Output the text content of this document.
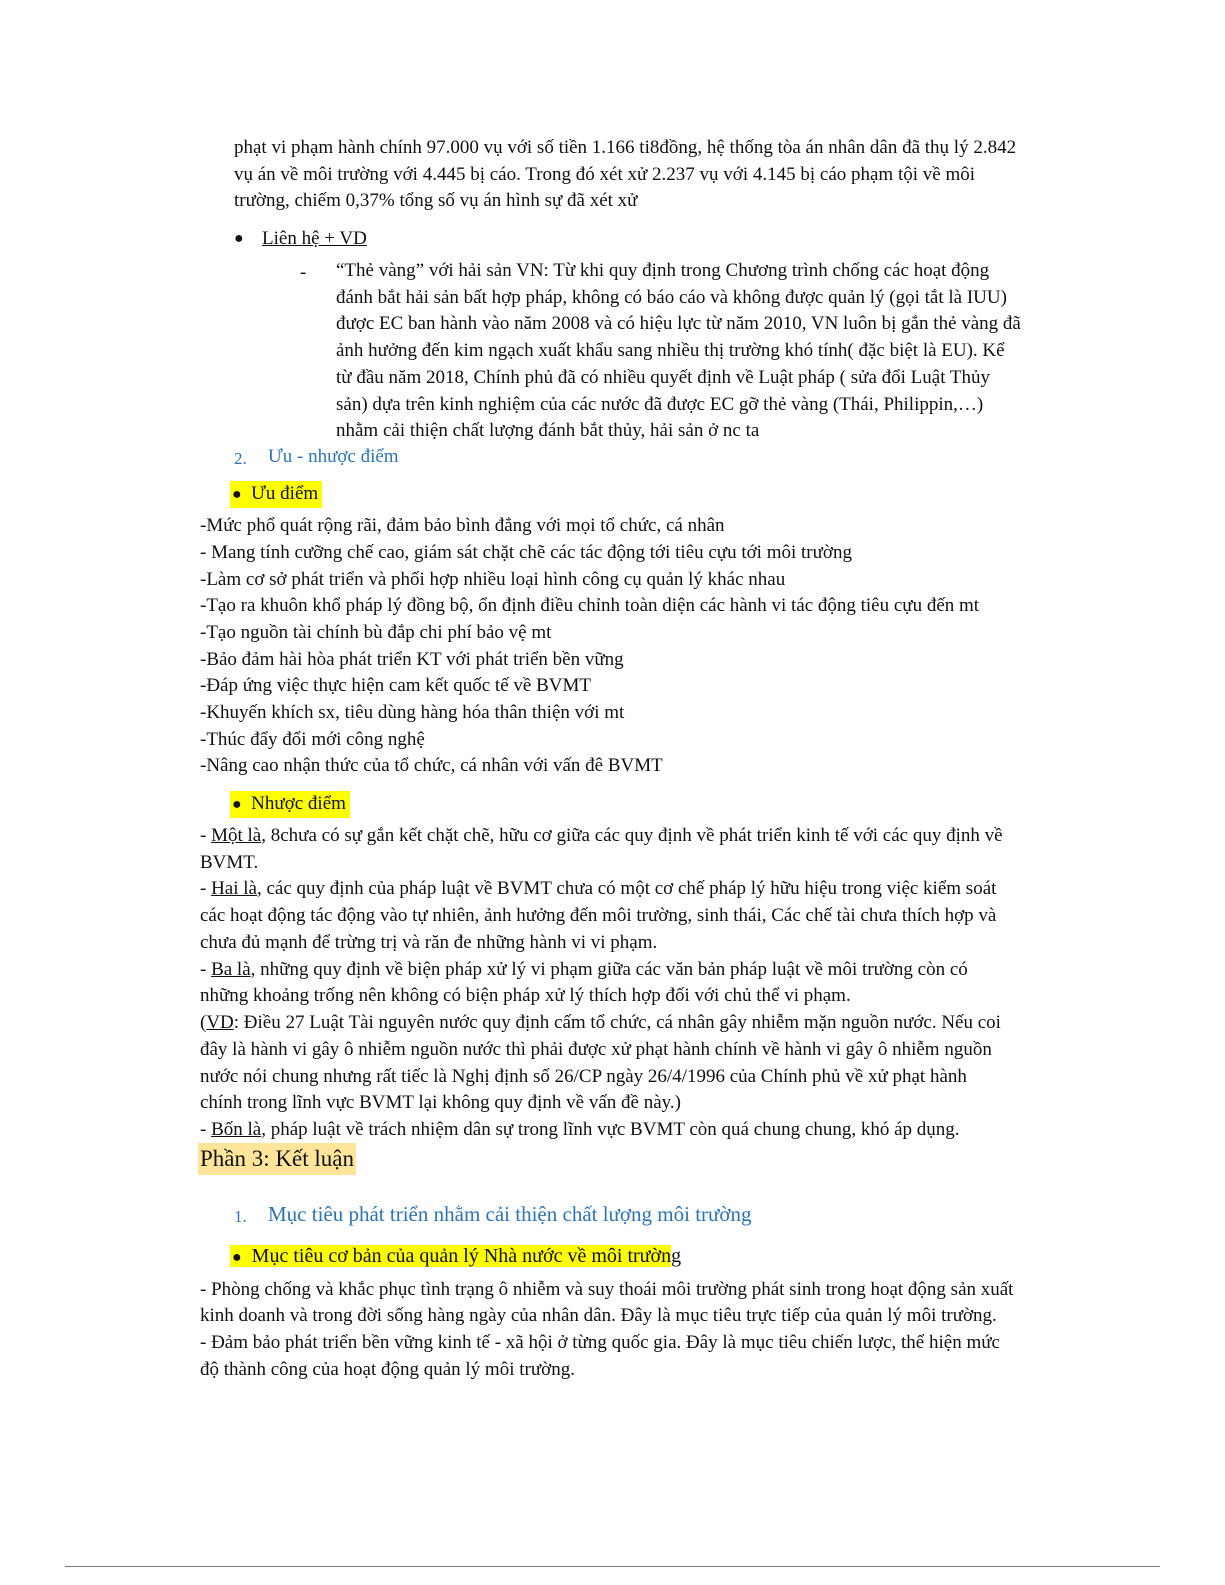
phạt vi phạm hành chính 97.000 vụ với số tiền 1.166 ti8đồng, hệ thống tòa án nhân dân đã thụ lý 2.842
vụ án về môi trường với 4.445 bị cáo. Trong đó xét xử 2.237 vụ với 4.145 bị cáo phạm tội về môi
trường, chiếm 0,37% tổng số vụ án hình sự đã xét xử
● Liên hệ + VD
- “Thẻ vàng” với hải sản VN: Từ khi quy định trong Chương trình chống các hoạt động
đánh bắt hải sản bất hợp pháp, không có báo cáo và không được quản lý (gọi tắt là IUU)
được EC ban hành vào năm 2008 và có hiệu lực từ năm 2010, VN luôn bị gắn thẻ vàng đã
ảnh hưởng đến kim ngạch xuất khẩu sang nhiều thị trường khó tính( đặc biệt là EU). Kể
từ đầu năm 2018, Chính phủ đã có nhiều quyết định về Luật pháp ( sửa đổi Luật Thủy
sản) dựa trên kinh nghiệm của các nước đã được EC gỡ thẻ vàng (Thái, Philippin,…)
nhằm cải thiện chất lượng đánh bắt thủy, hải sản ở nc ta
2. Ưu - nhược điểm
● Ưu điểm
-Mức phổ quát rộng rãi, đảm bảo bình đẳng với mọi tổ chức, cá nhân
- Mang tính cưỡng chế cao, giám sát chặt chẽ các tác động tới tiêu cựu tới môi trường
-Làm cơ sở phát triển và phối hợp nhiều loại hình công cụ quản lý khác nhau
-Tạo ra khuôn khổ pháp lý đồng bộ, ổn định điều chỉnh toàn diện các hành vi tác động tiêu cựu đến mt
-Tạo nguồn tài chính bù đắp chi phí bảo vệ mt
-Bảo đảm hài hòa phát triển KT với phát triển bền vững
-Đáp ứng việc thực hiện cam kết quốc tế về BVMT
-Khuyến khích sx, tiêu dùng hàng hóa thân thiện với mt
-Thúc đẩy đổi mới công nghệ
-Nâng cao nhận thức của tổ chức, cá nhân với vấn đê BVMT
● Nhược điểm
- Một là, 8chưa có sự gắn kết chặt chẽ, hữu cơ giữa các quy định về phát triển kinh tế với các quy định về
BVMT.
- Hai là, các quy định của pháp luật về BVMT chưa có một cơ chế pháp lý hữu hiệu trong việc kiểm soát
các hoạt động tác động vào tự nhiên, ảnh hưởng đến môi trường, sinh thái, Các chế tài chưa thích hợp và
chưa đủ mạnh để trừng trị và răn đe những hành vi vi phạm.
- Ba là, những quy định về biện pháp xử lý vi phạm giữa các văn bản pháp luật về môi trường còn có
những khoảng trống nên không có biện pháp xử lý thích hợp đối với chủ thể vi phạm.
(VD: Điều 27 Luật Tài nguyên nước quy định cấm tổ chức, cá nhân gây nhiễm mặn nguồn nước. Nếu coi
đây là hành vi gây ô nhiễm nguồn nước thì phải được xử phạt hành chính về hành vi gây ô nhiễm nguồn
nước nói chung nhưng rất tiếc là Nghị định số 26/CP ngày 26/4/1996 của Chính phủ về xử phạt hành
chính trong lĩnh vực BVMT lại không quy định về vấn đề này.)
- Bốn là, pháp luật về trách nhiệm dân sự trong lĩnh vực BVMT còn quá chung chung, khó áp dụng.
Phần 3: Kết luận
1. Mục tiêu phát triển nhằm cải thiện chất lượng môi trường
● Mục tiêu cơ bản của quản lý Nhà nước về môi trường
- Phòng chống và khắc phục tình trạng ô nhiễm và suy thoái môi trường phát sinh trong hoạt động sản xuất
kinh doanh và trong đời sống hàng ngày của nhân dân. Đây là mục tiêu trực tiếp của quản lý môi trường.
- Đảm bảo phát triển bền vững kinh tế - xã hội ở từng quốc gia. Đây là mục tiêu chiến lược, thể hiện mức
độ thành công của hoạt động quản lý môi trường.
